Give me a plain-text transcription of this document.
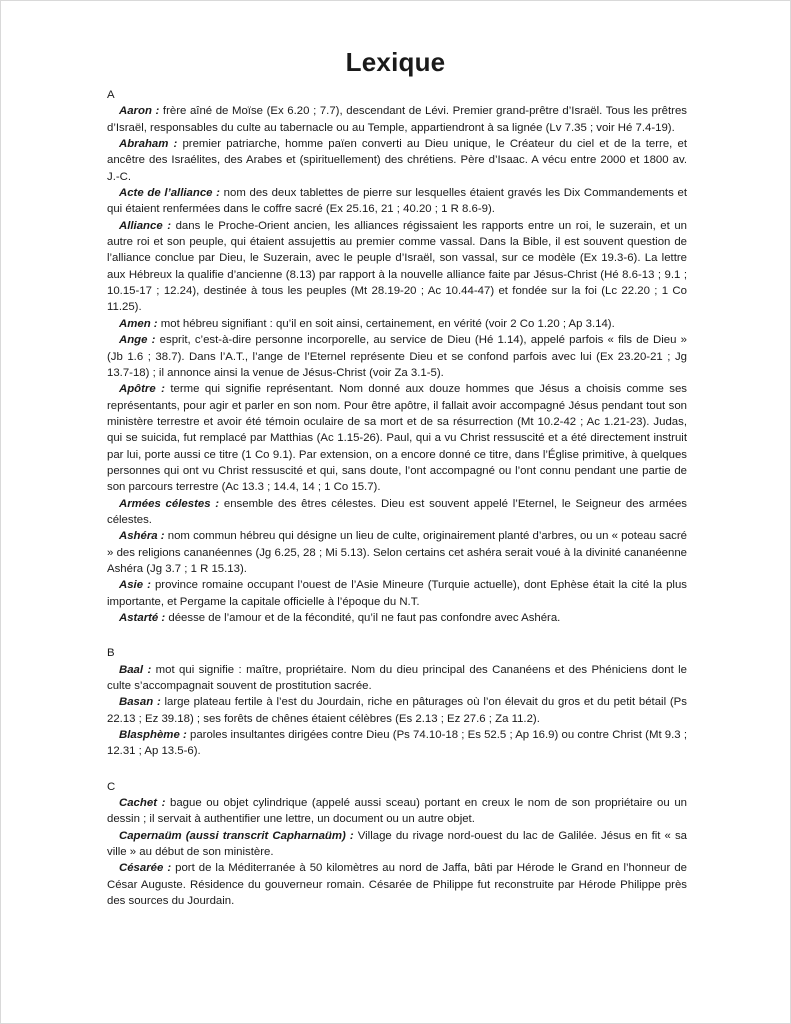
Lexique

A

Aaron : frère aîné de Moïse (Ex 6.20 ; 7.7), descendant de Lévi. Premier grand-prêtre d’Israël. Tous les prêtres d’Israël, responsables du culte au tabernacle ou au Temple, appartiendront à sa lignée (Lv 7.35 ; voir Hé 7.4-19).

Abraham : premier patriarche, homme païen converti au Dieu unique, le Créateur du ciel et de la terre, et ancêtre des Israélites, des Arabes et (spirituellement) des chrétiens. Père d’Isaac. A vécu entre 2000 et 1800 av. J.-C.

Acte de l’alliance : nom des deux tablettes de pierre sur lesquelles étaient gravés les Dix Commandements et qui étaient renfermées dans le coffre sacré (Ex 25.16, 21 ; 40.20 ; 1 R 8.6-9).

Alliance : dans le Proche-Orient ancien, les alliances régissaient les rapports entre un roi, le suzerain, et un autre roi et son peuple, qui étaient assujettis au premier comme vassal. Dans la Bible, il est souvent question de l’alliance conclue par Dieu, le Suzerain, avec le peuple d’Israël, son vassal, sur ce modèle (Ex 19.3-6). La lettre aux Hébreux la qualifie d’ancienne (8.13) par rapport à la nouvelle alliance faite par Jésus-Christ (Hé 8.6-13 ; 9.1 ; 10.15-17 ; 12.24), destinée à tous les peuples (Mt 28.19-20 ; Ac 10.44-47) et fondée sur la foi (Lc 22.20 ; 1 Co 11.25).

Amen : mot hébreu signifiant : qu’il en soit ainsi, certainement, en vérité (voir 2 Co 1.20 ; Ap 3.14).

Ange : esprit, c’est-à-dire personne incorporelle, au service de Dieu (Hé 1.14), appelé parfois « fils de Dieu » (Jb 1.6 ; 38.7). Dans l’A.T., l’ange de l’Eternel représente Dieu et se confond parfois avec lui (Ex 23.20-21 ; Jg 13.7-18) ; il annonce ainsi la venue de Jésus-Christ (voir Za 3.1-5).

Apôtre : terme qui signifie représentant. Nom donné aux douze hommes que Jésus a choisis comme ses représentants, pour agir et parler en son nom. Pour être apôtre, il fallait avoir accompagné Jésus pendant tout son ministère terrestre et avoir été témoin oculaire de sa mort et de sa résurrection (Mt 10.2-42 ; Ac 1.21-23). Judas, qui se suicida, fut remplacé par Matthias (Ac 1.15-26). Paul, qui a vu Christ ressuscité et a été directement instruit par lui, porte aussi ce titre (1 Co 9.1). Par extension, on a encore donné ce titre, dans l’Église primitive, à quelques personnes qui ont vu Christ ressuscité et qui, sans doute, l’ont accompagné ou l’ont connu pendant une partie de son parcours terrestre (Ac 13.3 ; 14.4, 14 ; 1 Co 15.7).

Armées célestes : ensemble des êtres célestes. Dieu est souvent appelé l’Eternel, le Seigneur des armées célestes.

Ashéra : nom commun hébreu qui désigne un lieu de culte, originairement planté d’arbres, ou un « poteau sacré » des religions cananéennes (Jg 6.25, 28 ; Mi 5.13). Selon certains cet ashéra serait voué à la divinité cananéenne Ashéra (Jg 3.7 ; 1 R 15.13).

Asie : province romaine occupant l’ouest de l’Asie Mineure (Turquie actuelle), dont Ephèse était la cité la plus importante, et Pergame la capitale officielle à l’époque du N.T.

Astarté : déesse de l’amour et de la fécondité, qu’il ne faut pas confondre avec Ashéra.

B

Baal : mot qui signifie : maître, propriétaire. Nom du dieu principal des Cananéens et des Phéniciens dont le culte s’accompagnait souvent de prostitution sacrée.

Basan : large plateau fertile à l’est du Jourdain, riche en pâturages où l’on élevait du gros et du petit bétail (Ps 22.13 ; Ez 39.18) ; ses forêts de chênes étaient célèbres (Es 2.13 ; Ez 27.6 ; Za 11.2).

Blasphème : paroles insultantes dirigées contre Dieu (Ps 74.10-18 ; Es 52.5 ; Ap 16.9) ou contre Christ (Mt 9.3 ; 12.31 ; Ap 13.5-6).

C

Cachet : bague ou objet cylindrique (appelé aussi sceau) portant en creux le nom de son propriétaire ou un dessin ; il servait à authentifier une lettre, un document ou un autre objet.

Capernaüm (aussi transcrit Capharnaüm) : Village du rivage nord-ouest du lac de Galilée. Jésus en fit « sa ville » au début de son ministère.

Césarée : port de la Méditerranée à 50 kilomètres au nord de Jaffa, bâti par Hérode le Grand en l’honneur de César Auguste. Résidence du gouverneur romain. Césarée de Philippe fut reconstruite par Hérode Philippe près des sources du Jourdain.
